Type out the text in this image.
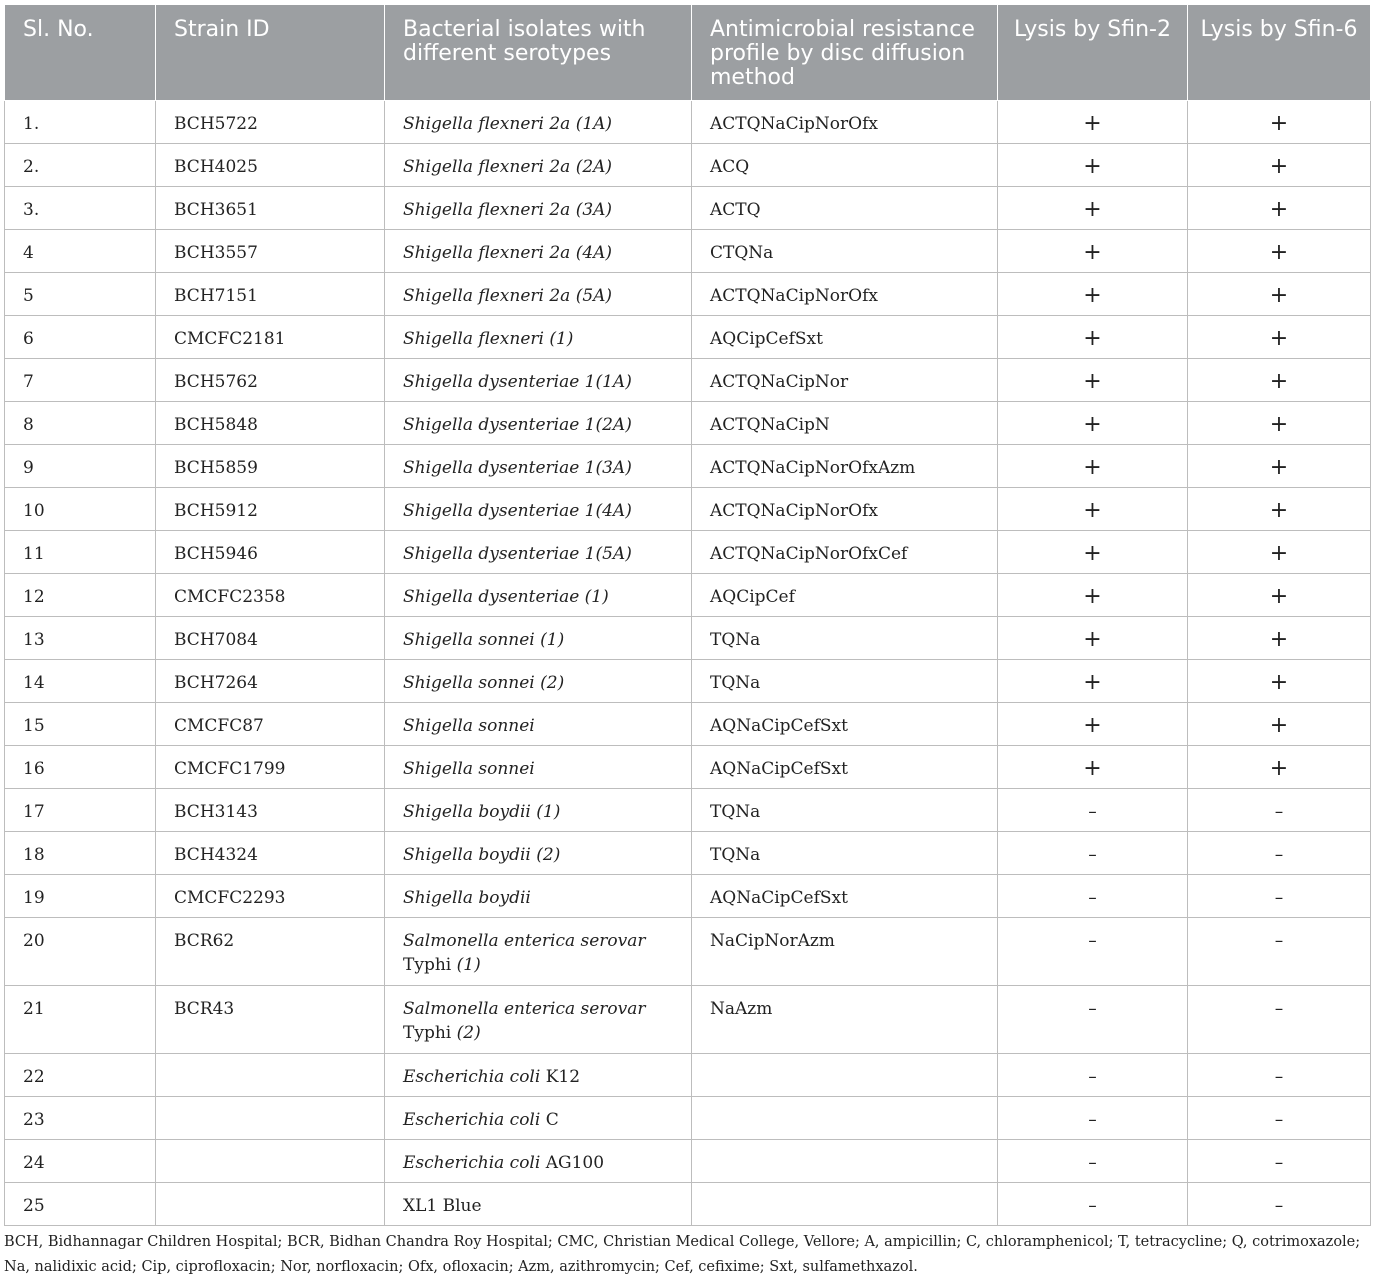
Sl. No.	Strain ID	Bacterial isolates with different serotypes	Antimicrobial resistance profile by disc diffusion method	Lysis by Sfin-2	Lysis by Sfin-6
1.	BCH5722	Shigella flexneri 2a (1A)	ACTQNaCipNorOfx	+	+
2.	BCH4025	Shigella flexneri 2a (2A)	ACQ	+	+
3.	BCH3651	Shigella flexneri 2a (3A)	ACTQ	+	+
4	BCH3557	Shigella flexneri 2a (4A)	CTQNa	+	+
5	BCH7151	Shigella flexneri 2a (5A)	ACTQNaCipNorOfx	+	+
6	CMCFC2181	Shigella flexneri (1)	AQCipCefSxt	+	+
7	BCH5762	Shigella dysenteriae 1(1A)	ACTQNaCipNor	+	+
8	BCH5848	Shigella dysenteriae 1(2A)	ACTQNaCipN	+	+
9	BCH5859	Shigella dysenteriae 1(3A)	ACTQNaCipNorOfxAzm	+	+
10	BCH5912	Shigella dysenteriae 1(4A)	ACTQNaCipNorOfx	+	+
11	BCH5946	Shigella dysenteriae 1(5A)	ACTQNaCipNorOfxCef	+	+
12	CMCFC2358	Shigella dysenteriae (1)	AQCipCef	+	+
13	BCH7084	Shigella sonnei (1)	TQNa	+	+
14	BCH7264	Shigella sonnei (2)	TQNa	+	+
15	CMCFC87	Shigella sonnei	AQNaCipCefSxt	+	+
16	CMCFC1799	Shigella sonnei	AQNaCipCefSxt	+	+
17	BCH3143	Shigella boydii (1)	TQNa	–	–
18	BCH4324	Shigella boydii (2)	TQNa	–	–
19	CMCFC2293	Shigella boydii	AQNaCipCefSxt	–	–
20	BCR62	Salmonella enterica serovar Typhi (1)	NaCipNorAzm	–	–
21	BCR43	Salmonella enterica serovar Typhi (2)	NaAzm	–	–
22		Escherichia coli K12		–	–
23		Escherichia coli C		–	–
24		Escherichia coli AG100		–	–
25		XL1 Blue		–	–
BCH, Bidhannagar Children Hospital; BCR, Bidhan Chandra Roy Hospital; CMC, Christian Medical College, Vellore; A, ampicillin; C, chloramphenicol; T, tetracycline; Q, cotrimoxazole; Na, nalidixic acid; Cip, ciprofloxacin; Nor, norfloxacin; Ofx, ofloxacin; Azm, azithromycin; Cef, cefixime; Sxt, sulfamethxazol.
